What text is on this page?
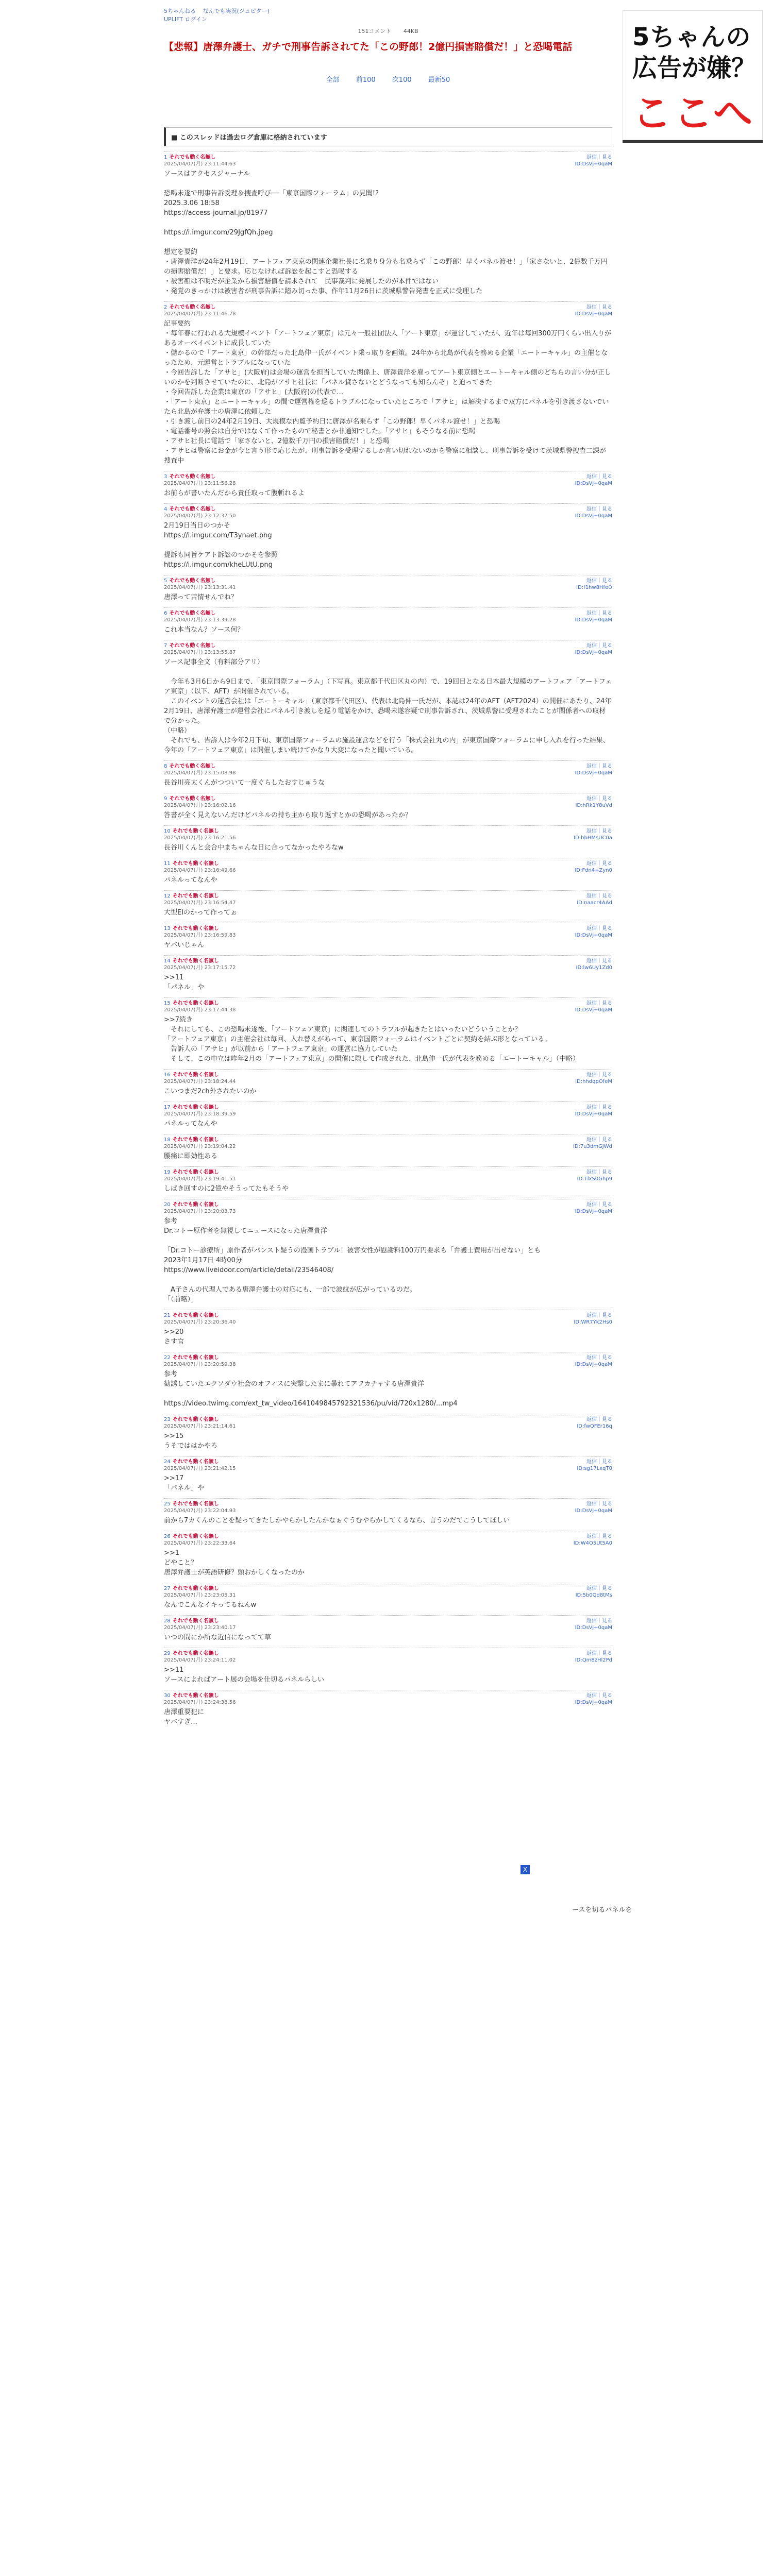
5ちゃんの
広告が嫌？
ここへ
5ちゃんねる なんでも実況(ジュピター)
UPLIFT ログイン
151コメント 44KB
【悲報】唐澤弁護士、ガチで刑事告訴されてた「この野郎！2億円損害賠償だ！」と恐喝電話
全部 前100 次100 最新50
■ このスレッドは過去ログ倉庫に格納されています
1 それでも動く名無し	返信｜見る
2025/04/07(月) 23:11:44.63	ID:DsVj+0qaM
ソースはアクセスジャーナル

恐喝未遂で刑事告訴受理＆捜査呼び──「東京国際フォーラム」の見聞!?
2025.3.06 18:58
https://access-journal.jp/81977

https://i.imgur.com/29JgfQh.jpeg

想定を要約
・唐澤貴洋が24年2月19日、アートフェア東京の関連企業社長に名乗り身分も名乗らず「この野郎！早くパネル渡せ！」「家さないと、2億数千万円の損害賠償だ！」と要求。応じなければ訴訟を起こすと恐喝する
・被害額は不明だが企業から損害賠償を請求されて　民事裁判に発展したのが本件ではない
・発覚のきっかけは被害者が刑事告訴に踏み切った事、作年11月26日に茨城県警告発書を正式に受理した
2 それでも動く名無し	返信｜見る
2025/04/07(月) 23:11:46.78	ID:DsVj+0qaM
記事要約
・毎年春に行われる大規模イベント「アートフェア東京」は元々一般社団法人「アート東京」が運営していたが、近年は毎回300万円くらい出入りがあるオーベイベントに成長していた
・儲かるので「アート東京」の幹部だった北島伸一氏がイベント乗っ取りを画策。24年から北島が代表を務める企業「エートーキャル」の主催となったため、元運営とトラブルになっていた
・今回告訴した「アサヒ」(大阪府)は会場の運営を担当していた関係上、唐澤貴洋を雇ってアート東京側とエートーキャル側のどちらの言い分が正しいのかを判断させていたのに、北島がアサヒ社長に「パネル貸さないとどうなっても知らんぞ」と迫ってきた
・今回告訴した企業は東京の「アサヒ」(大阪府)の代表で…
・「アート東京」とエートーキャル」の間で運営権を巡るトラブルになっていたところで「アサヒ」は解決するまで双方にパネルを引き渡さないでいたら北島が弁護士の唐澤に依頼した
・引き渡し前日の24年2月19日、大規模な内覧予約日に唐澤が名乗らず「この野郎！早くパネル渡せ！」と恐喝
・電話番号の照会は自分ではなくて作ったもので秘書とか非通知でした。「アサヒ」もそうなる前に恐喝
・アサヒ社長に電話で「家さないと、2億数千万円の損害賠償だ！」と恐喝
・アサヒは警察にお金が今と言う形で応じたが、刑事告訴を受理するしか言い切れないのかを警察に相談し、刑事告訴を受けて茨城県警捜査二課が捜査中
3 それでも動く名無し	返信｜見る
2025/04/07(月) 23:11:56.28	ID:DsVj+0qaM
お前らが書いたんだから責任取って腹斬れるよ
4 それでも動く名無し	返信｜見る
2025/04/07(月) 23:12:37.50	ID:DsVj+0qaM
2月19日当日のつかそ
https://i.imgur.com/T3ynaet.png

提訴も同旨ケアト訴訟のつかそを参照
https://i.imgur.com/kheLUtU.png
5 それでも動く名無し	返信｜見る
2025/04/07(月) 23:13:31.41	ID:f1hw8HfeO
唐澤って苦情せんでね？
6 それでも動く名無し	返信｜見る
2025/04/07(月) 23:13:39.28	ID:DsVj+0qaM
これ本当なん？ソース何？
7 それでも動く名無し	返信｜見る
2025/04/07(月) 23:13:55.87	ID:DsVj+0qaM
ソース記事全文（有料部分アリ）

　今年も3月6日から9日まで、「東京国際フォーラム」（下写真。東京都千代田区丸の内）で、19回目となる日本最大規模のアートフェア「アートフェア東京」（以下、AFT）が開催されている。
　このイベントの運営会社は「エートーキャル」（東京都千代田区）、代表は北島伸一氏だが、本誌は24年のAFT（AFT2024）の開催にあたり、24年2月19日、唐澤弁護士が運営会社にパネル引き渡しを巡り電話をかけ、恐喝未遂容疑で刑事告訴され、茨城県警に受理されたことが関係者への取材で分かった。
（中略）
　それでも、告訴人は今年2月下旬、東京国際フォーラムの施設運営などを行う「株式会社丸の内」が東京国際フォーラムに申し入れを行った結果、今年の「アートフェア東京」は開催しまい続けてかなり大変になったと聞いている。
8 それでも動く名無し	返信｜見る
2025/04/07(月) 23:15:08.98	ID:DsVj+0qaM
長谷川亮太くんがつついて一度ぐらしたおすじゅうな
9 それでも動く名無し	返信｜見る
2025/04/07(月) 23:16:02.16	ID:hRk1Y8uVd
答書が全く見えないんだけどパネルの持ち主から取り返すとかの恐喝があったか？
10 それでも動く名無し	返信｜見る
2025/04/07(月) 23:16:21.56	ID:hbHMsUC0a
長谷川くんと会合中まちゃんな日に合ってなかったやろなw
11 それでも動く名無し	返信｜見る
2025/04/07(月) 23:16:49.66	ID:Fdn4+Zyn0
パネルってなんや
12 それでも動く名無し	返信｜見る
2025/04/07(月) 23:16:54.47	ID:naacr4AAd
大型EIのかって作ってぉ
13 それでも動く名無し	返信｜見る
2025/04/07(月) 23:16:59.83	ID:DsVj+0qaM
ヤバいじゃん
14 それでも動く名無し	返信｜見る
2025/04/07(月) 23:17:15.72	ID:lw6Uy1Zd0
>>11
「パネル」や
15 それでも動く名無し	返信｜見る
2025/04/07(月) 23:17:44.38	ID:DsVj+0qaM
>>7続き
　それにしても、この恐喝未遂後、「アートフェア東京」に関連してのトラブルが起きたとはいったいどういうことか？
「アートフェア東京」の主催会社は毎回、入れ替えがあって、東京国際フォーラムはイベントごとに契約を結ぶ形となっている。
　告訴人の「アサヒ」が以前から「アートフェア東京」の運営に協力していた
　そして、この申立は昨年2月の「アートフェア東京」の開催に際して作成された、北島伸一氏が代表を務める「エートーキャル」（中略）
16 それでも動く名無し	返信｜見る
2025/04/07(月) 23:18:24.44	ID:hhdqpOfeM
こいつまだ2ch外されたいのか
17 それでも動く名無し	返信｜見る
2025/04/07(月) 23:18:39.59	ID:DsVj+0qaM
パネルってなんや
18 それでも動く名無し	返信｜見る
2025/04/07(月) 23:19:04.22	ID:7u3dmGJWd
腰痛に即効性ある
19 それでも動く名無し	返信｜見る
2025/04/07(月) 23:19:41.51	ID:TlxS0Ghp9
しばき回すのに2億やそうってたもそうや
20 それでも動く名無し	返信｜見る
2025/04/07(月) 23:20:03.73	ID:DsVj+0qaM
参考
Dr.コトー原作者を無視してニュースになった唐澤貴洋

「Dr.コトー診療所」原作者がパンスト疑うの漫画トラブル！被害女性が慰謝料100万円要求も「弁護士費用が出せない」とも
2023年1月17日 4時00分
https://www.liveidoor.com/article/detail/23546408/

　A子さんの代理人である唐澤弁護士の対応にも、一部で波紋が広がっているのだ。
「（前略）」
21 それでも動く名無し	返信｜見る
2025/04/07(月) 23:20:36.40	ID:WR7Yk2Hs0
>>20
さす官
22 それでも動く名無し	返信｜見る
2025/04/07(月) 23:20:59.38	ID:DsVj+0qaM
参考
勧誘していたエクソダウ社会のオフィスに突撃したまに暴れてアフカチャする唐澤貴洋

https://video.twimg.com/ext_tw_video/1641049845792321536/pu/vid/720x1280/...mp4
23 それでも動く名無し	返信｜見る
2025/04/07(月) 23:21:14.61	ID:fwQFEr16q
>>15
うそでははかやろ
24 それでも動く名無し	返信｜見る
2025/04/07(月) 23:21:42.15	ID:sg17LxqT0
>>17
「パネル」や
25 それでも動く名無し	返信｜見る
2025/04/07(月) 23:22:04.93	ID:DsVj+0qaM
前から7カくんのことを疑ってきたしかやらかしたんかなぁぐうむやらかしてくるなら、言うのだてこうしてほしい
26 それでも動く名無し	返信｜見る
2025/04/07(月) 23:22:33.64	ID:W4O5Ut5A0
>>1
どやこと？
唐澤弁護士が英語研修？頭おかしくなったのか
27 それでも動く名無し	返信｜見る
2025/04/07(月) 23:23:05.31	ID:5b0Qd8tMs
なんでこんなイキってるねんw
28 それでも動く名無し	返信｜見る
2025/04/07(月) 23:23:40.17	ID:DsVj+0qaM
いつの間にか所な近信になってて草
29 それでも動く名無し	返信｜見る
2025/04/07(月) 23:24:11.02	ID:Qm8zHl2Pd
>>11
ソースによればアート展の会場を仕切るパネルらしい
30 それでも動く名無し	返信｜見る
2025/04/07(月) 23:24:38.56	ID:DsVj+0qaM
唐澤重要犯に
ヤバすぎ…
X
ースを切るパネルを
